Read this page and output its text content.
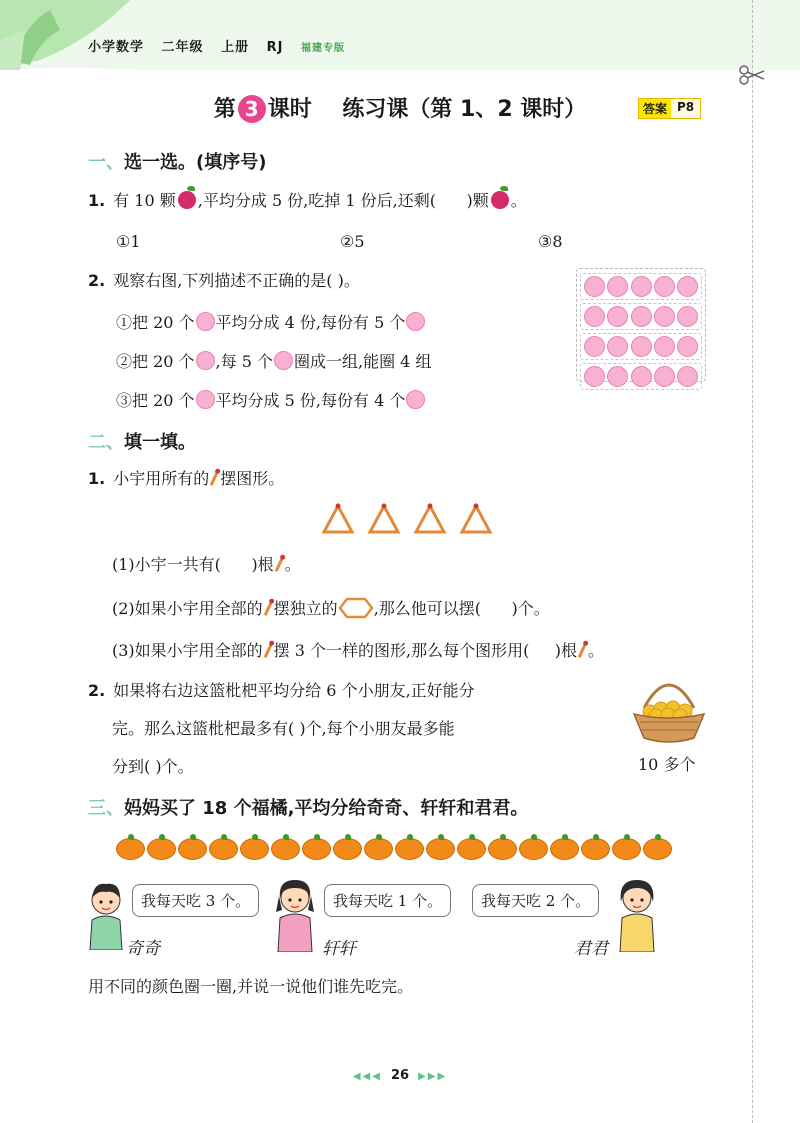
小学数学 二年级 上册 RJ 福建专版
第 3 课时 练习课（第 1、2 课时）	答案 P8
一、选一选。(填序号)
1. 有 10 颗 ,平均分成 5 份,吃掉 1 份后,还剩( )颗 。
①1	②5	③8
2. 观察右图,下列描述不正确的是( )。
①把 20 个 平均分成 4 份,每份有 5 个
②把 20 个 ,每 5 个 圈成一组,能圈 4 组
③把 20 个 平均分成 5 份,每份有 4 个
二、填一填。
1. 小宇用所有的 摆图形。
(1)小宇一共有( )根 。
(2)如果小宇用全部的 摆独立的 ,那么他可以摆( )个。
(3)如果小宇用全部的 摆 3 个一样的图形,那么每个图形用( )根 。
2. 如果将右边这篮枇杷平均分给 6 个小朋友,正好能分
完。那么这篮枇杷最多有( )个,每个小朋友最多能
分到( )个。	10 多个
三、妈妈买了 18 个福橘,平均分给奇奇、轩轩和君君。
我每天吃 3 个。
奇奇
我每天吃 1 个。
轩轩
我每天吃 2 个。
君君
用不同的颜色圈一圈,并说一说他们谁先吃完。
◀◀◀ 26 ▶▶▶
